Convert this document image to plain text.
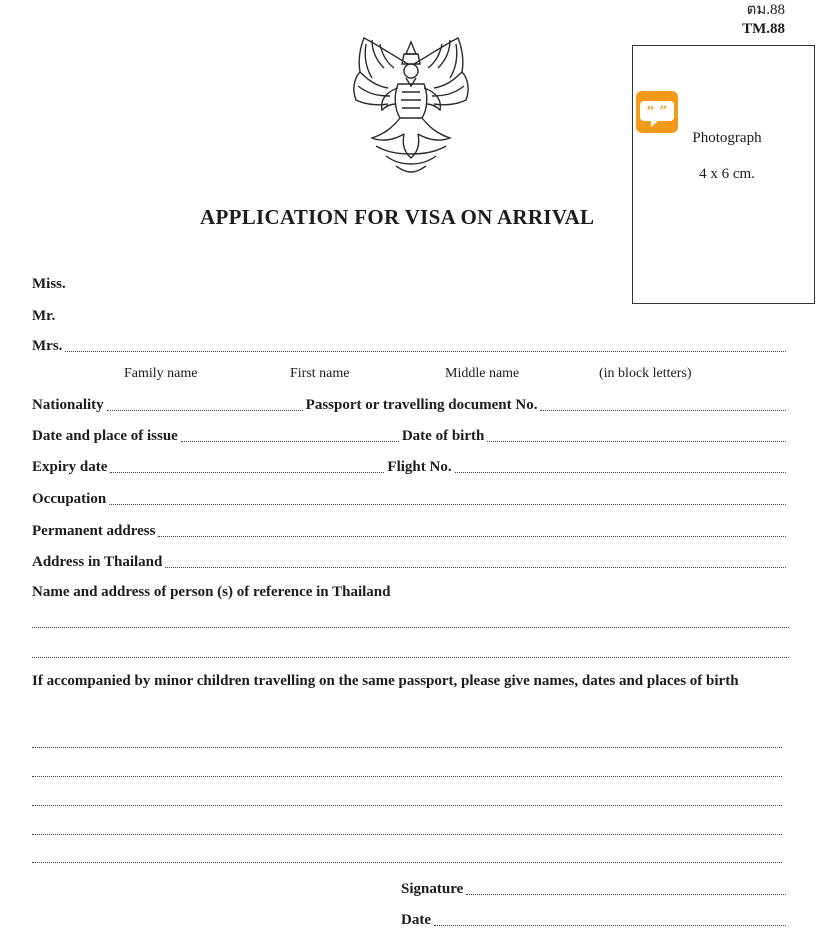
ตม.88
TM.88
Photograph
4 x 6 cm.
“ ”
APPLICATION FOR VISA ON ARRIVAL
Miss.
Mr.
Mrs.
Family name	First name	Middle name	(in block letters)
Nationality	Passport or travelling document No.
Date and place of issue	Date of birth
Expiry date	Flight No.
Occupation
Permanent address
Address in Thailand
Name and address of person (s) of reference in Thailand
If accompanied by minor children travelling on the same passport, please give names, dates and places of birth
Signature
Date
